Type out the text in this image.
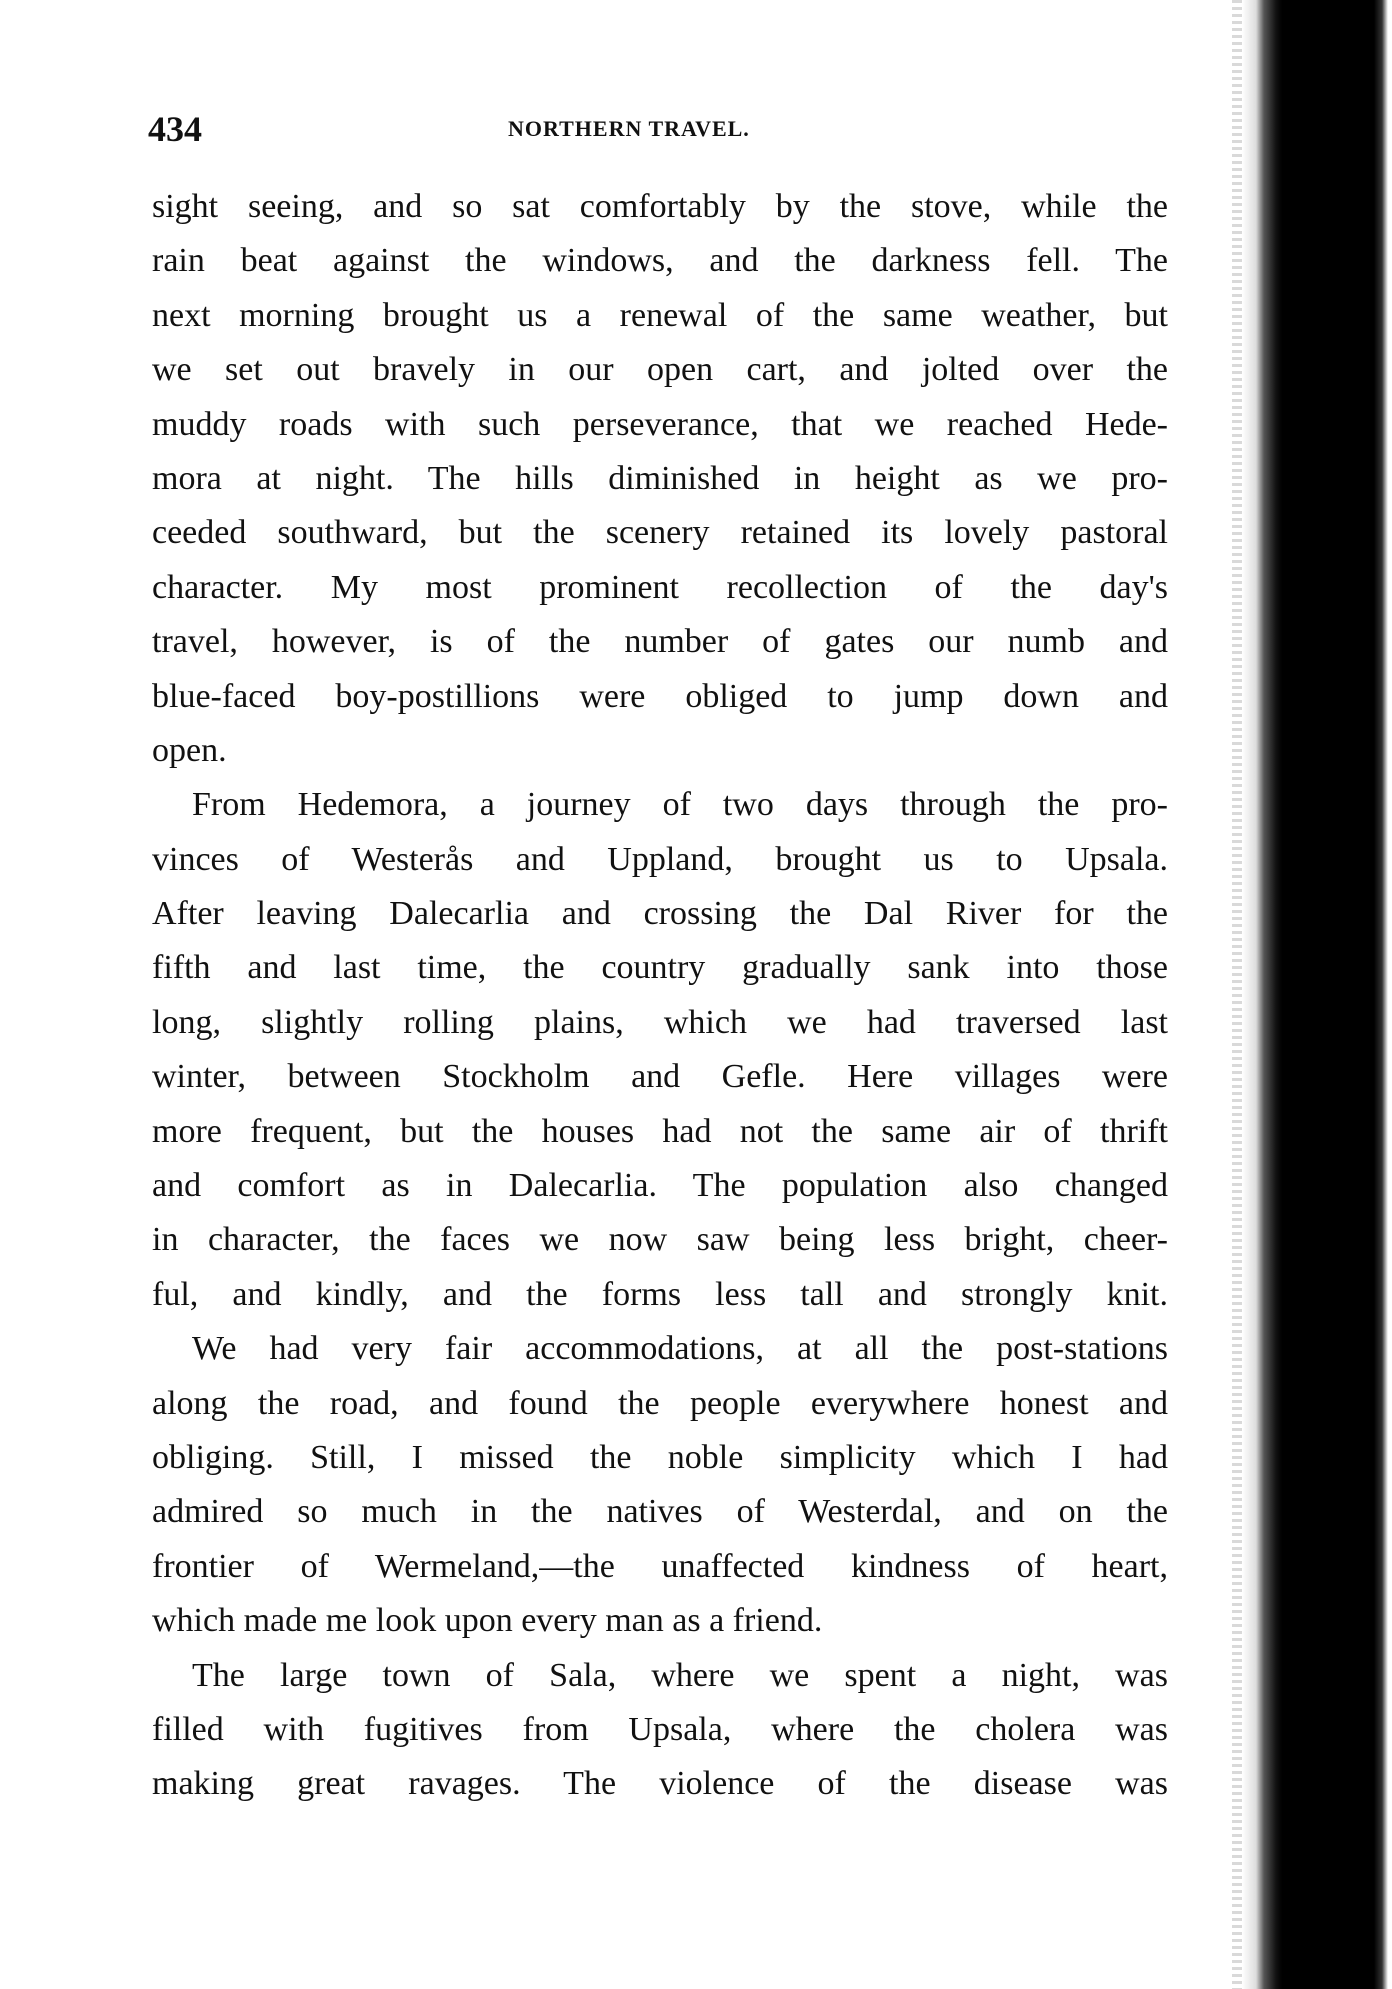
434	NORTHERN TRAVEL.
sight seeing, and so sat comfortably by the stove, while the
rain beat against the windows, and the darkness fell. The
next morning brought us a renewal of the same weather, but
we set out bravely in our open cart, and jolted over the
muddy roads with such perseverance, that we reached Hede-
mora at night. The hills diminished in height as we pro-
ceeded southward, but the scenery retained its lovely pastoral
character. My most prominent recollection of the day's
travel, however, is of the number of gates our numb and
blue-faced boy-postillions were obliged to jump down and
open.
From Hedemora, a journey of two days through the pro-
vinces of Westerås and Uppland, brought us to Upsala.
After leaving Dalecarlia and crossing the Dal River for the
fifth and last time, the country gradually sank into those
long, slightly rolling plains, which we had traversed last
winter, between Stockholm and Gefle. Here villages were
more frequent, but the houses had not the same air of thrift
and comfort as in Dalecarlia. The population also changed
in character, the faces we now saw being less bright, cheer-
ful, and kindly, and the forms less tall and strongly knit.
We had very fair accommodations, at all the post-stations
along the road, and found the people everywhere honest and
obliging. Still, I missed the noble simplicity which I had
admired so much in the natives of Westerdal, and on the
frontier of Wermeland,—the unaffected kindness of heart,
which made me look upon every man as a friend.
The large town of Sala, where we spent a night, was
filled with fugitives from Upsala, where the cholera was
making great ravages. The violence of the disease was
